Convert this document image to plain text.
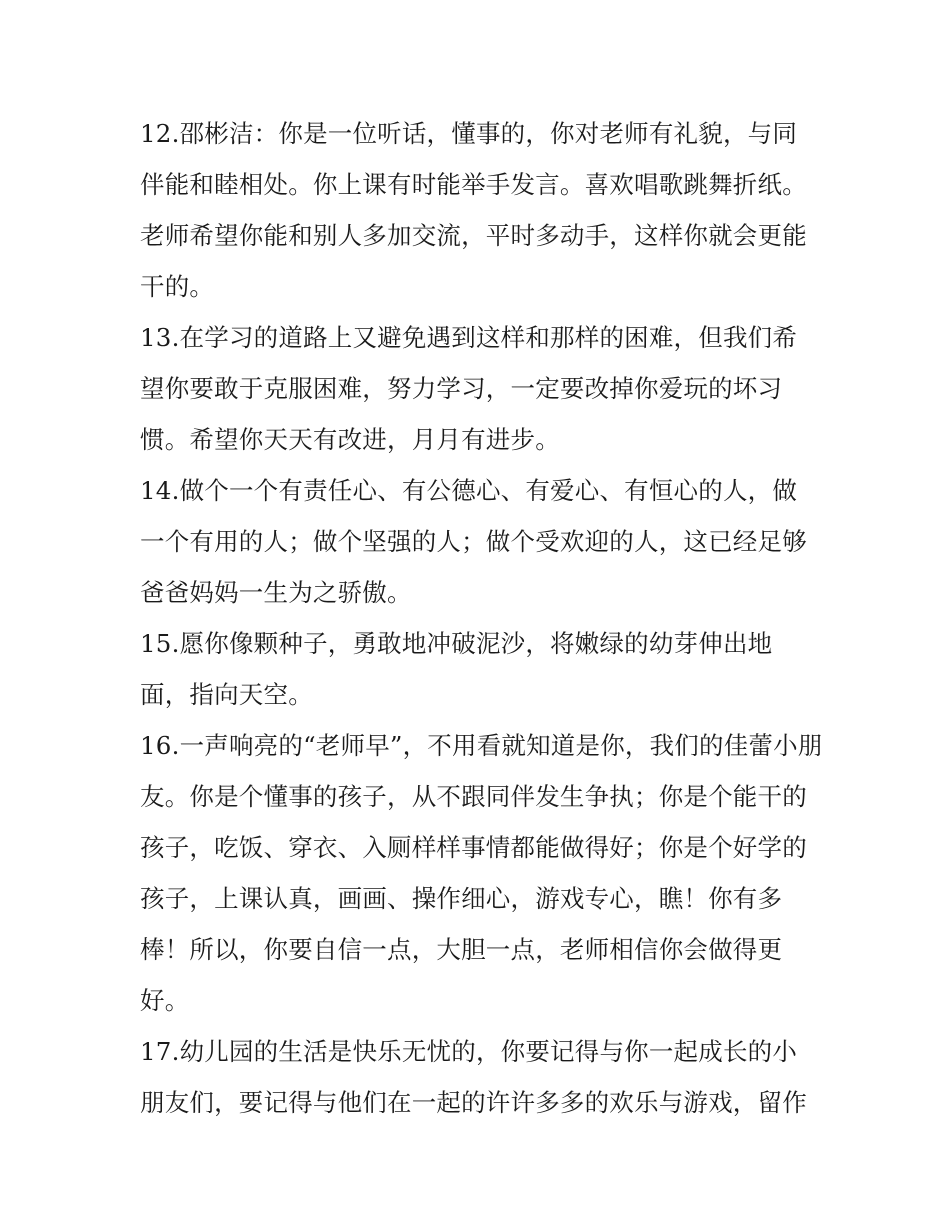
12.邵彬洁：你是一位听话，懂事的，你对老师有礼貌，与同
伴能和睦相处。你上课有时能举手发言。喜欢唱歌跳舞折纸。
老师希望你能和别人多加交流，平时多动手，这样你就会更能
干的。
13.在学习的道路上又避免遇到这样和那样的困难，但我们希
望你要敢于克服困难，努力学习，一定要改掉你爱玩的坏习
惯。希望你天天有改进，月月有进步。
14.做个一个有责任心、有公德心、有爱心、有恒心的人，做
一个有用的人；做个坚强的人；做个受欢迎的人，这已经足够
爸爸妈妈一生为之骄傲。
15.愿你像颗种子，勇敢地冲破泥沙，将嫩绿的幼芽伸出地
面，指向天空。
16.一声响亮的“老师早”，不用看就知道是你，我们的佳蕾小朋
友。你是个懂事的孩子，从不跟同伴发生争执；你是个能干的
孩子，吃饭、穿衣、入厕样样事情都能做得好；你是个好学的
孩子，上课认真，画画、操作细心，游戏专心，瞧！你有多
棒！所以，你要自信一点，大胆一点，老师相信你会做得更
好。
17.幼儿园的生活是快乐无忧的，你要记得与你一起成长的小
朋友们，要记得与他们在一起的许许多多的欢乐与游戏，留作
